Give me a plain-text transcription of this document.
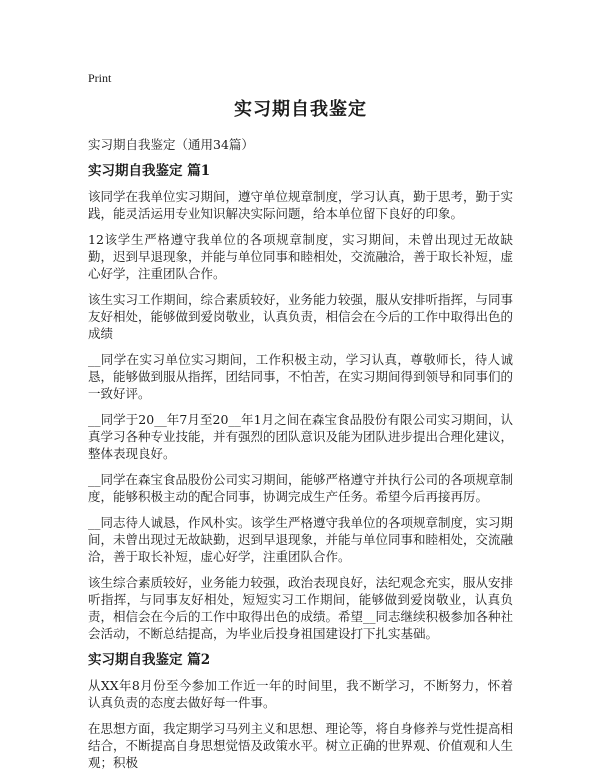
Print
实习期自我鉴定
实习期自我鉴定（通用34篇）
实习期自我鉴定 篇1

该同学在我单位实习期间，遵守单位规章制度，学习认真，勤于思考，勤于实践，能灵活运用专业知识解决实际问题，给本单位留下良好的印象。

12该学生严格遵守我单位的各项规章制度，实习期间，未曾出现过无故缺勤，迟到早退现象，并能与单位同事和睦相处，交流融洽，善于取长补短，虚心好学，注重团队合作。

该生实习工作期间，综合素质较好，业务能力较强，服从安排听指挥，与同事友好相处，能够做到爱岗敬业，认真负责，相信会在今后的工作中取得出色的成绩

__同学在实习单位实习期间，工作积极主动，学习认真，尊敬师长，待人诚恳，能够做到服从指挥，团结同事，不怕苦，在实习期间得到领导和同事们的一致好评。

__同学于20__年7月至20__年1月之间在森宝食品股份有限公司实习期间，认真学习各种专业技能，并有强烈的团队意识及能为团队进步提出合理化建议，整体表现良好。

__同学在森宝食品股份公司实习期间，能够严格遵守并执行公司的各项规章制度，能够积极主动的配合同事，协调完成生产任务。希望今后再接再厉。

__同志待人诚恳，作风朴实。该学生严格遵守我单位的各项规章制度，实习期间，未曾出现过无故缺勤，迟到早退现象，并能与单位同事和睦相处，交流融洽，善于取长补短，虚心好学，注重团队合作。

该生综合素质较好，业务能力较强，政治表现良好，法纪观念充实，服从安排听指挥，与同事友好相处，短短实习工作期间，能够做到爱岗敬业，认真负责，相信会在今后的工作中取得出色的成绩。希望__同志继续积极参加各种社会活动，不断总结提高，为毕业后投身祖国建设打下扎实基础。

实习期自我鉴定 篇2

从XX年8月份至今参加工作近一年的时间里，我不断学习，不断努力，怀着认真负责的态度去做好每一件事。

在思想方面，我定期学习马列主义和思想、理论等，将自身修养与党性提高相结合，不断提高自身思想觉悟及政策水平。树立正确的世界观、价值观和人生观；积极
